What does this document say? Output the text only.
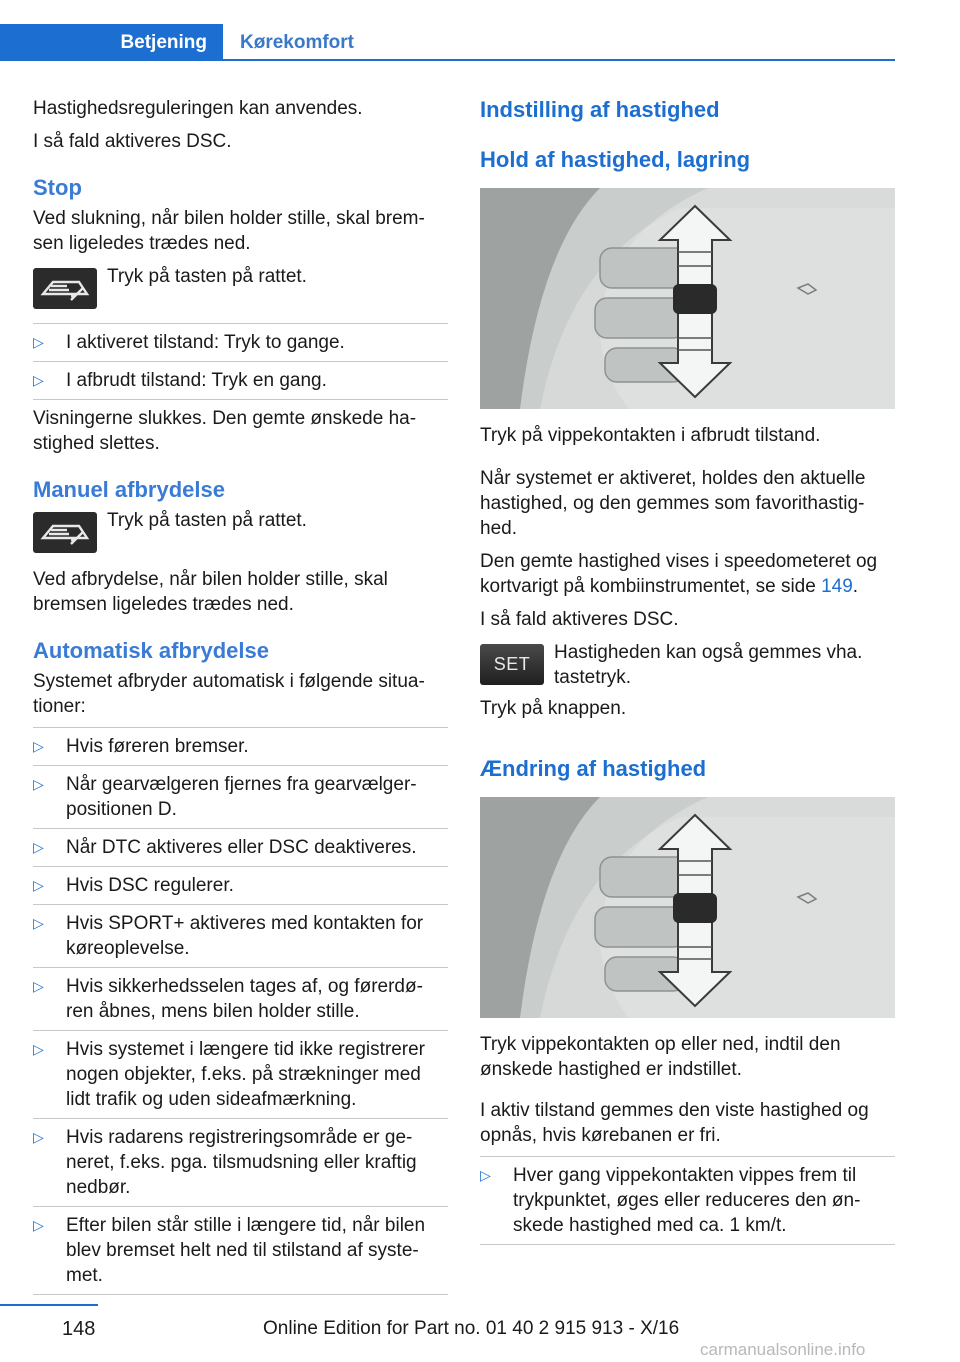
Betjening Kørekomfort

Hastighedsreguleringen kan anvendes.

I så fald aktiveres DSC.

Stop

Ved slukning, når bilen holder stille, skal brem‐sen ligeledes trædes ned.

Tryk på tasten på rattet.
▷ I aktiveret tilstand: Tryk to gange.
▷ I afbrudt tilstand: Tryk en gang.

Visningerne slukkes. Den gemte ønskede ha‐stighed slettes.

Manuel afbrydelse
Tryk på tasten på rattet.

Ved afbrydelse, når bilen holder stille, skal bremsen ligeledes trædes ned.

Automatisk afbrydelse

Systemet afbryder automatisk i følgende situa‐tioner:

▷ Hvis føreren bremser.
▷ Når gearvælgeren fjernes fra gearvælger‐positionen D.
▷ Når DTC aktiveres eller DSC deaktiveres.
▷ Hvis DSC regulerer.
▷ Hvis SPORT+ aktiveres med kontakten for køreoplevelse.
▷ Hvis sikkerhedsselen tages af, og førerdø‐ren åbnes, mens bilen holder stille.
▷ Hvis systemet i længere tid ikke registrerer nogen objekter, f.eks. på strækninger med lidt trafik og uden sideafmærkning.
▷ Hvis radarens registreringsområde er ge‐neret, f.eks. pga. tilsmudsning eller kraftig nedbør.
▷ Efter bilen står stille i længere tid, når bilen blev bremset helt ned til stilstand af syste‐met.
Indstilling af hastighed
Hold af hastighed, lagring

Tryk på vippekontakten i afbrudt tilstand.

Når systemet er aktiveret, holdes den aktuelle hastighed, og den gemmes som favorithastig‐hed.

Den gemte hastighed vises i speedometeret og kortvarigt på kombiinstrumentet, se side 149.

I så fald aktiveres DSC.

SET
Hastigheden kan også gemmes vha. tastetryk.

Tryk på knappen.

Ændring af hastighed

Tryk vippekontakten op eller ned, indtil den ønskede hastighed er indstillet.

I aktiv tilstand gemmes den viste hastighed og opnås, hvis kørebanen er fri.

▷ Hver gang vippekontakten vippes frem til trykpunktet, øges eller reduceres den øn‐skede hastighed med ca. 1 km/t.
148	Online Edition for Part no. 01 40 2 915 913 - X/16
carmanualsonline.info
